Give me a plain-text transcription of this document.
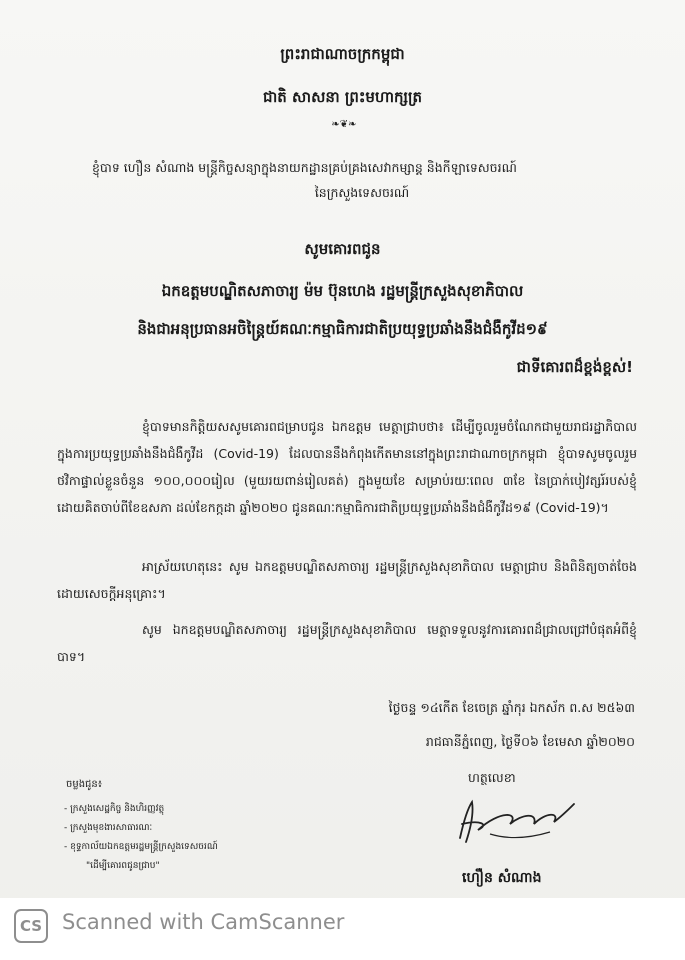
ព្រះរាជាណាចក្រកម្ពុជា
ជាតិ សាសនា ព្រះមហាក្សត្រ
❧❦❧
ខ្ញុំបាទ ហឿន សំណាង មន្ត្រីកិច្ចសន្យាក្នុងនាយកដ្ឋានគ្រប់គ្រងសេវាកម្សាន្ត និងកីឡាទេសចរណ៍
នៃក្រសួងទេសចរណ៍
សូមគោរពជូន
ឯកឧត្តមបណ្ឌិតសភាចារ្យ ម៉ម ប៊ុនហេង រដ្ឋមន្ត្រីក្រសួងសុខាភិបាល
និងជាអនុប្រធានអចិន្ត្រៃយ៍គណៈកម្មាធិការជាតិប្រយុទ្ធប្រឆាំងនឹងជំងឺកូវីដ១៩
ជាទីគោរពដ៏ខ្ពង់ខ្ពស់!

ខ្ញុំបាទមានកិត្តិយសសូមគោរពជម្រាបជូន ឯកឧត្តម មេត្តាជ្រាបថា៖ ដើម្បីចូលរួមចំណែកជាមួយរាជរដ្ឋាភិបាលក្នុងការប្រយុទ្ធប្រឆាំងនឹងជំងឺកូវីដ (Covid-19) ដែលបាននឹងកំពុងកើតមាននៅក្នុងព្រះរាជាណាចក្រកម្ពុជា ខ្ញុំបាទសូមចូលរួមថវិកាផ្ទាល់ខ្លួនចំនួន ១០០,០០០រៀល (មួយរយពាន់រៀលគត់) ក្នុងមួយខែ សម្រាប់រយៈពេល ៣ខែ នៃប្រាក់បៀវត្សរ៍របស់ខ្ញុំ ដោយគិតចាប់ពីខែឧសភា ដល់ខែកក្កដា ឆ្នាំ២០២០ ជូនគណៈកម្មាធិការជាតិប្រយុទ្ធប្រឆាំងនឹងជំងឺកូវីដ១៩ (Covid-19)។

អាស្រ័យហេតុនេះ សូម ឯកឧត្តមបណ្ឌិតសភាចារ្យ រដ្ឋមន្ត្រីក្រសួងសុខាភិបាល មេត្តាជ្រាប និងពិនិត្យចាត់ចែងដោយសេចក្តីអនុគ្រោះ។

សូម ឯកឧត្តមបណ្ឌិតសភាចារ្យ រដ្ឋមន្ត្រីក្រសួងសុខាភិបាល មេត្តាទទួលនូវការគោរពដ៏ជ្រាលជ្រៅបំផុតអំពីខ្ញុំបាទ។

ថ្ងៃចន្ទ ១៤កើត ខែចេត្រ ឆ្នាំកុរ ឯកស័ក ព.ស ២៥៦៣
រាជធានីភ្នំពេញ, ថ្ងៃទី០៦ ខែមេសា ឆ្នាំ២០២០
ហត្ថលេខា
ហឿន សំណាង
ចម្លងជូន៖
- ក្រសួងសេដ្ឋកិច្ច និងហិរញ្ញវត្ថុ
- ក្រសួងមុខងារសាធារណៈ
- ខុទ្ទកាល័យឯកឧត្តមរដ្ឋមន្ត្រីក្រសួងទេសចរណ៍
"ដើម្បីគោរពជូនជ្រាប"
CS Scanned with CamScanner
